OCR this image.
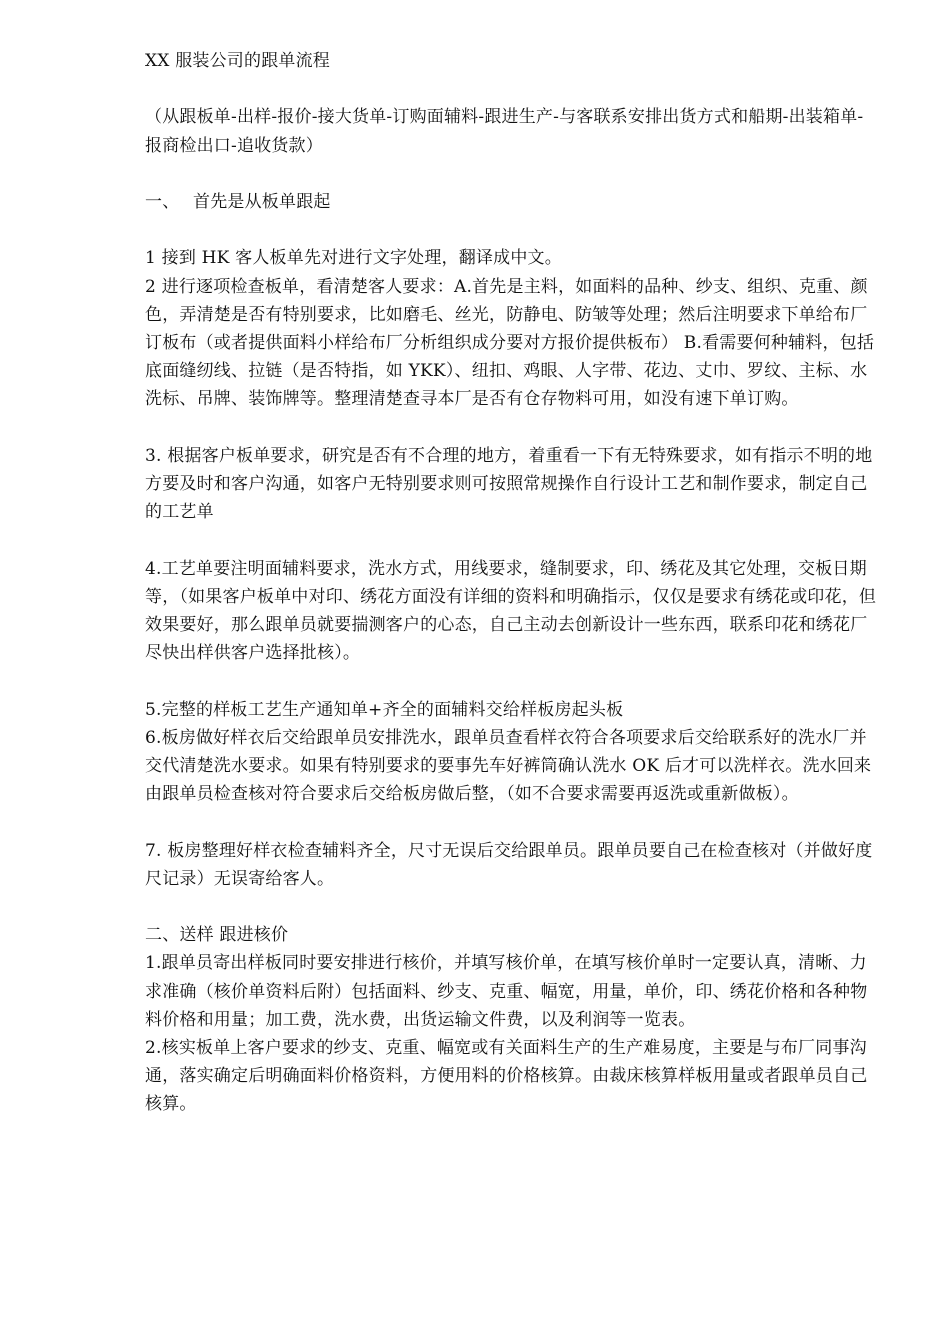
XX 服装公司的跟单流程

（从跟板单-出样-报价-接大货单-订购面辅料-跟进生产-与客联系安排出货方式和船期-出装箱单-报商检出口-追收货款）

一、 首先是从板单跟起

1 接到 HK 客人板单先对进行文字处理，翻译成中文。

2 进行逐项检查板单，看清楚客人要求：A.首先是主料，如面料的品种、纱支、组织、克重、颜色，弄清楚是否有特别要求，比如磨毛、丝光，防静电、防皱等处理；然后注明要求下单给布厂订板布（或者提供面料小样给布厂分析组织成分要对方报价提供板布） B.看需要何种辅料，包括底面缝纫线、拉链（是否特指，如 YKK）、纽扣、鸡眼、人字带、花边、丈巾、罗纹、主标、水洗标、吊牌、装饰牌等。整理清楚查寻本厂是否有仓存物料可用，如没有速下单订购。

3. 根据客户板单要求，研究是否有不合理的地方，着重看一下有无特殊要求，如有指示不明的地方要及时和客户沟通，如客户无特别要求则可按照常规操作自行设计工艺和制作要求，制定自己的工艺单

4.工艺单要注明面辅料要求，洗水方式，用线要求，缝制要求，印、绣花及其它处理，交板日期等，（如果客户板单中对印、绣花方面没有详细的资料和明确指示，仅仅是要求有绣花或印花，但效果要好，那么跟单员就要揣测客户的心态，自己主动去创新设计一些东西，联系印花和绣花厂尽快出样供客户选择批核）。

5.完整的样板工艺生产通知单+齐全的面辅料交给样板房起头板

6.板房做好样衣后交给跟单员安排洗水，跟单员查看样衣符合各项要求后交给联系好的洗水厂并交代清楚洗水要求。如果有特别要求的要事先车好裤筒确认洗水 OK 后才可以洗样衣。洗水回来由跟单员检查核对符合要求后交给板房做后整，（如不合要求需要再返洗或重新做板）。

7. 板房整理好样衣检查辅料齐全，尺寸无误后交给跟单员。跟单员要自己在检查核对（并做好度尺记录）无误寄给客人。

二、送样 跟进核价

1.跟单员寄出样板同时要安排进行核价，并填写核价单，在填写核价单时一定要认真，清晰、力求准确（核价单资料后附）包括面料、纱支、克重、幅宽，用量，单价，印、绣花价格和各种物料价格和用量；加工费，洗水费，出货运输文件费，以及利润等一览表。

2.核实板单上客户要求的纱支、克重、幅宽或有关面料生产的生产难易度，主要是与布厂同事沟通，落实确定后明确面料价格资料，方便用料的价格核算。由裁床核算样板用量或者跟单员自己核算。
